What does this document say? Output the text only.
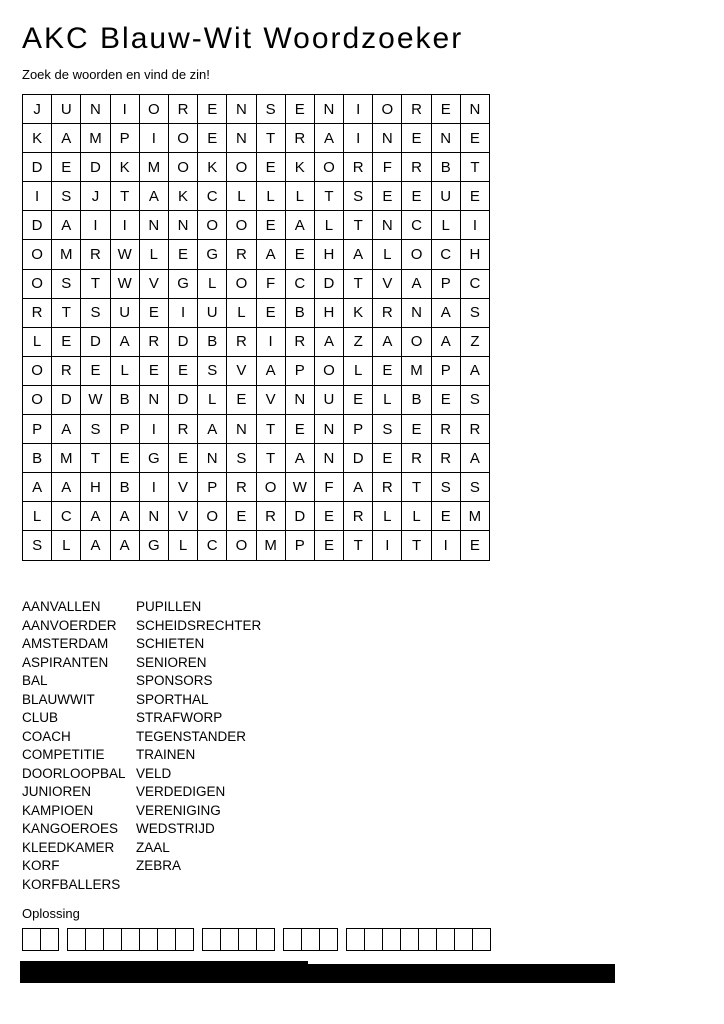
AKC Blauw-Wit Woordzoeker
Zoek de woorden en vind de zin!
J	U	N	I	O	R	E	N	S	E	N	I	O	R	E	N
K	A	M	P	I	O	E	N	T	R	A	I	N	E	N	E
D	E	D	K	M	O	K	O	E	K	O	R	F	R	B	T
I	S	J	T	A	K	C	L	L	L	T	S	E	E	U	E
D	A	I	I	N	N	O	O	E	A	L	T	N	C	L	I
O	M	R	W	L	E	G	R	A	E	H	A	L	O	C	H
O	S	T	W	V	G	L	O	F	C	D	T	V	A	P	C
R	T	S	U	E	I	U	L	E	B	H	K	R	N	A	S
L	E	D	A	R	D	B	R	I	R	A	Z	A	O	A	Z
O	R	E	L	E	E	S	V	A	P	O	L	E	M	P	A
O	D	W	B	N	D	L	E	V	N	U	E	L	B	E	S
P	A	S	P	I	R	A	N	T	E	N	P	S	E	R	R
B	M	T	E	G	E	N	S	T	A	N	D	E	R	R	A
A	A	H	B	I	V	P	R	O	W	F	A	R	T	S	S
L	C	A	A	N	V	O	E	R	D	E	R	L	L	E	M
S	L	A	A	G	L	C	O	M	P	E	T	I	T	I	E
AANVALLEN
AANVOERDER
AMSTERDAM
ASPIRANTEN
BAL
BLAUWWIT
CLUB
COACH
COMPETITIE
DOORLOOPBAL
JUNIOREN
KAMPIOEN
KANGOEROES
KLEEDKAMER
KORF
KORFBALLERS
PUPILLEN
SCHEIDSRECHTER
SCHIETEN
SENIOREN
SPONSORS
SPORTHAL
STRAFWORP
TEGENSTANDER
TRAINEN
VELD
VERDEDIGEN
VERENIGING
WEDSTRIJD
ZAAL
ZEBRA
Oplossing
